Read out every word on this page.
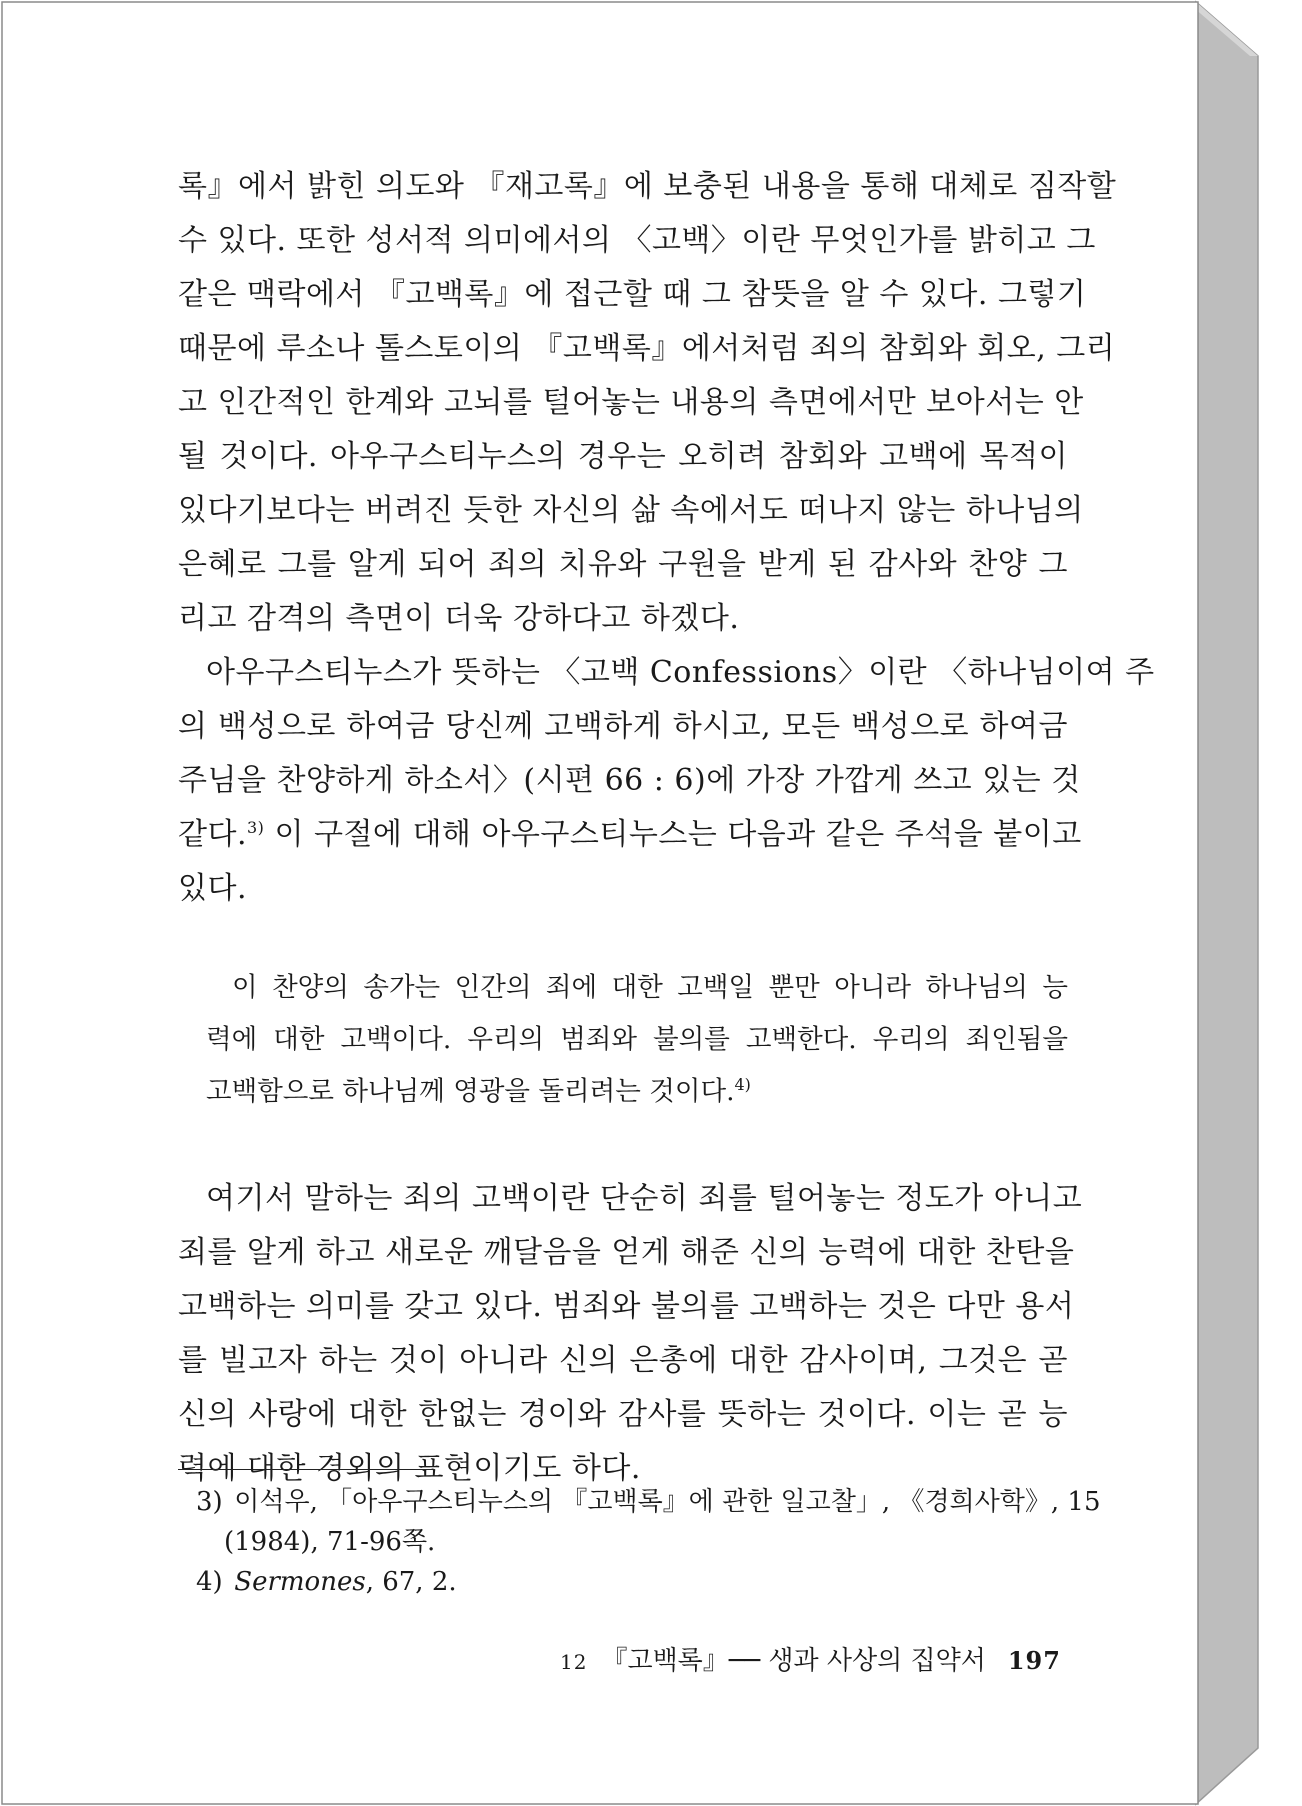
록』에서 밝힌 의도와 『재고록』에 보충된 내용을 통해 대체로 짐작할
수 있다. 또한 성서적 의미에서의 〈고백〉이란 무엇인가를 밝히고 그
같은 맥락에서 『고백록』에 접근할 때 그 참뜻을 알 수 있다. 그렇기
때문에 루소나 톨스토이의 『고백록』에서처럼 죄의 참회와 회오, 그리
고 인간적인 한계와 고뇌를 털어놓는 내용의 측면에서만 보아서는 안
될 것이다. 아우구스티누스의 경우는 오히려 참회와 고백에 목적이
있다기보다는 버려진 듯한 자신의 삶 속에서도 떠나지 않는 하나님의
은혜로 그를 알게 되어 죄의 치유와 구원을 받게 된 감사와 찬양 그
리고 감격의 측면이 더욱 강하다고 하겠다.
아우구스티누스가 뜻하는 〈고백 Confessions〉이란 〈하나님이여 주
의 백성으로 하여금 당신께 고백하게 하시고, 모든 백성으로 하여금
주님을 찬양하게 하소서〉(시편 66 : 6)에 가장 가깝게 쓰고 있는 것
같다.$^{3)}$ 이 구절에 대해 아우구스티누스는 다음과 같은 주석을 붙이고
있다.
이 찬양의 송가는 인간의 죄에 대한 고백일 뿐만 아니라 하나님의 능
력에 대한 고백이다. 우리의 범죄와 불의를 고백한다. 우리의 죄인됨을
고백함으로 하나님께 영광을 돌리려는 것이다.$^{4)}$
여기서 말하는 죄의 고백이란 단순히 죄를 털어놓는 정도가 아니고
죄를 알게 하고 새로운 깨달음을 얻게 해준 신의 능력에 대한 찬탄을
고백하는 의미를 갖고 있다. 범죄와 불의를 고백하는 것은 다만 용서
를 빌고자 하는 것이 아니라 신의 은총에 대한 감사이며, 그것은 곧
신의 사랑에 대한 한없는 경이와 감사를 뜻하는 것이다. 이는 곧 능
력에 대한 경외의 표현이기도 하다.
3) 이석우, 「아우구스티누스의 『고백록』에 관한 일고찰」, 《경희사학》, 15
(1984), 71-96쪽.
4) Sermones, 67, 2.
12 『고백록』── 생과 사상의 집약서 197
